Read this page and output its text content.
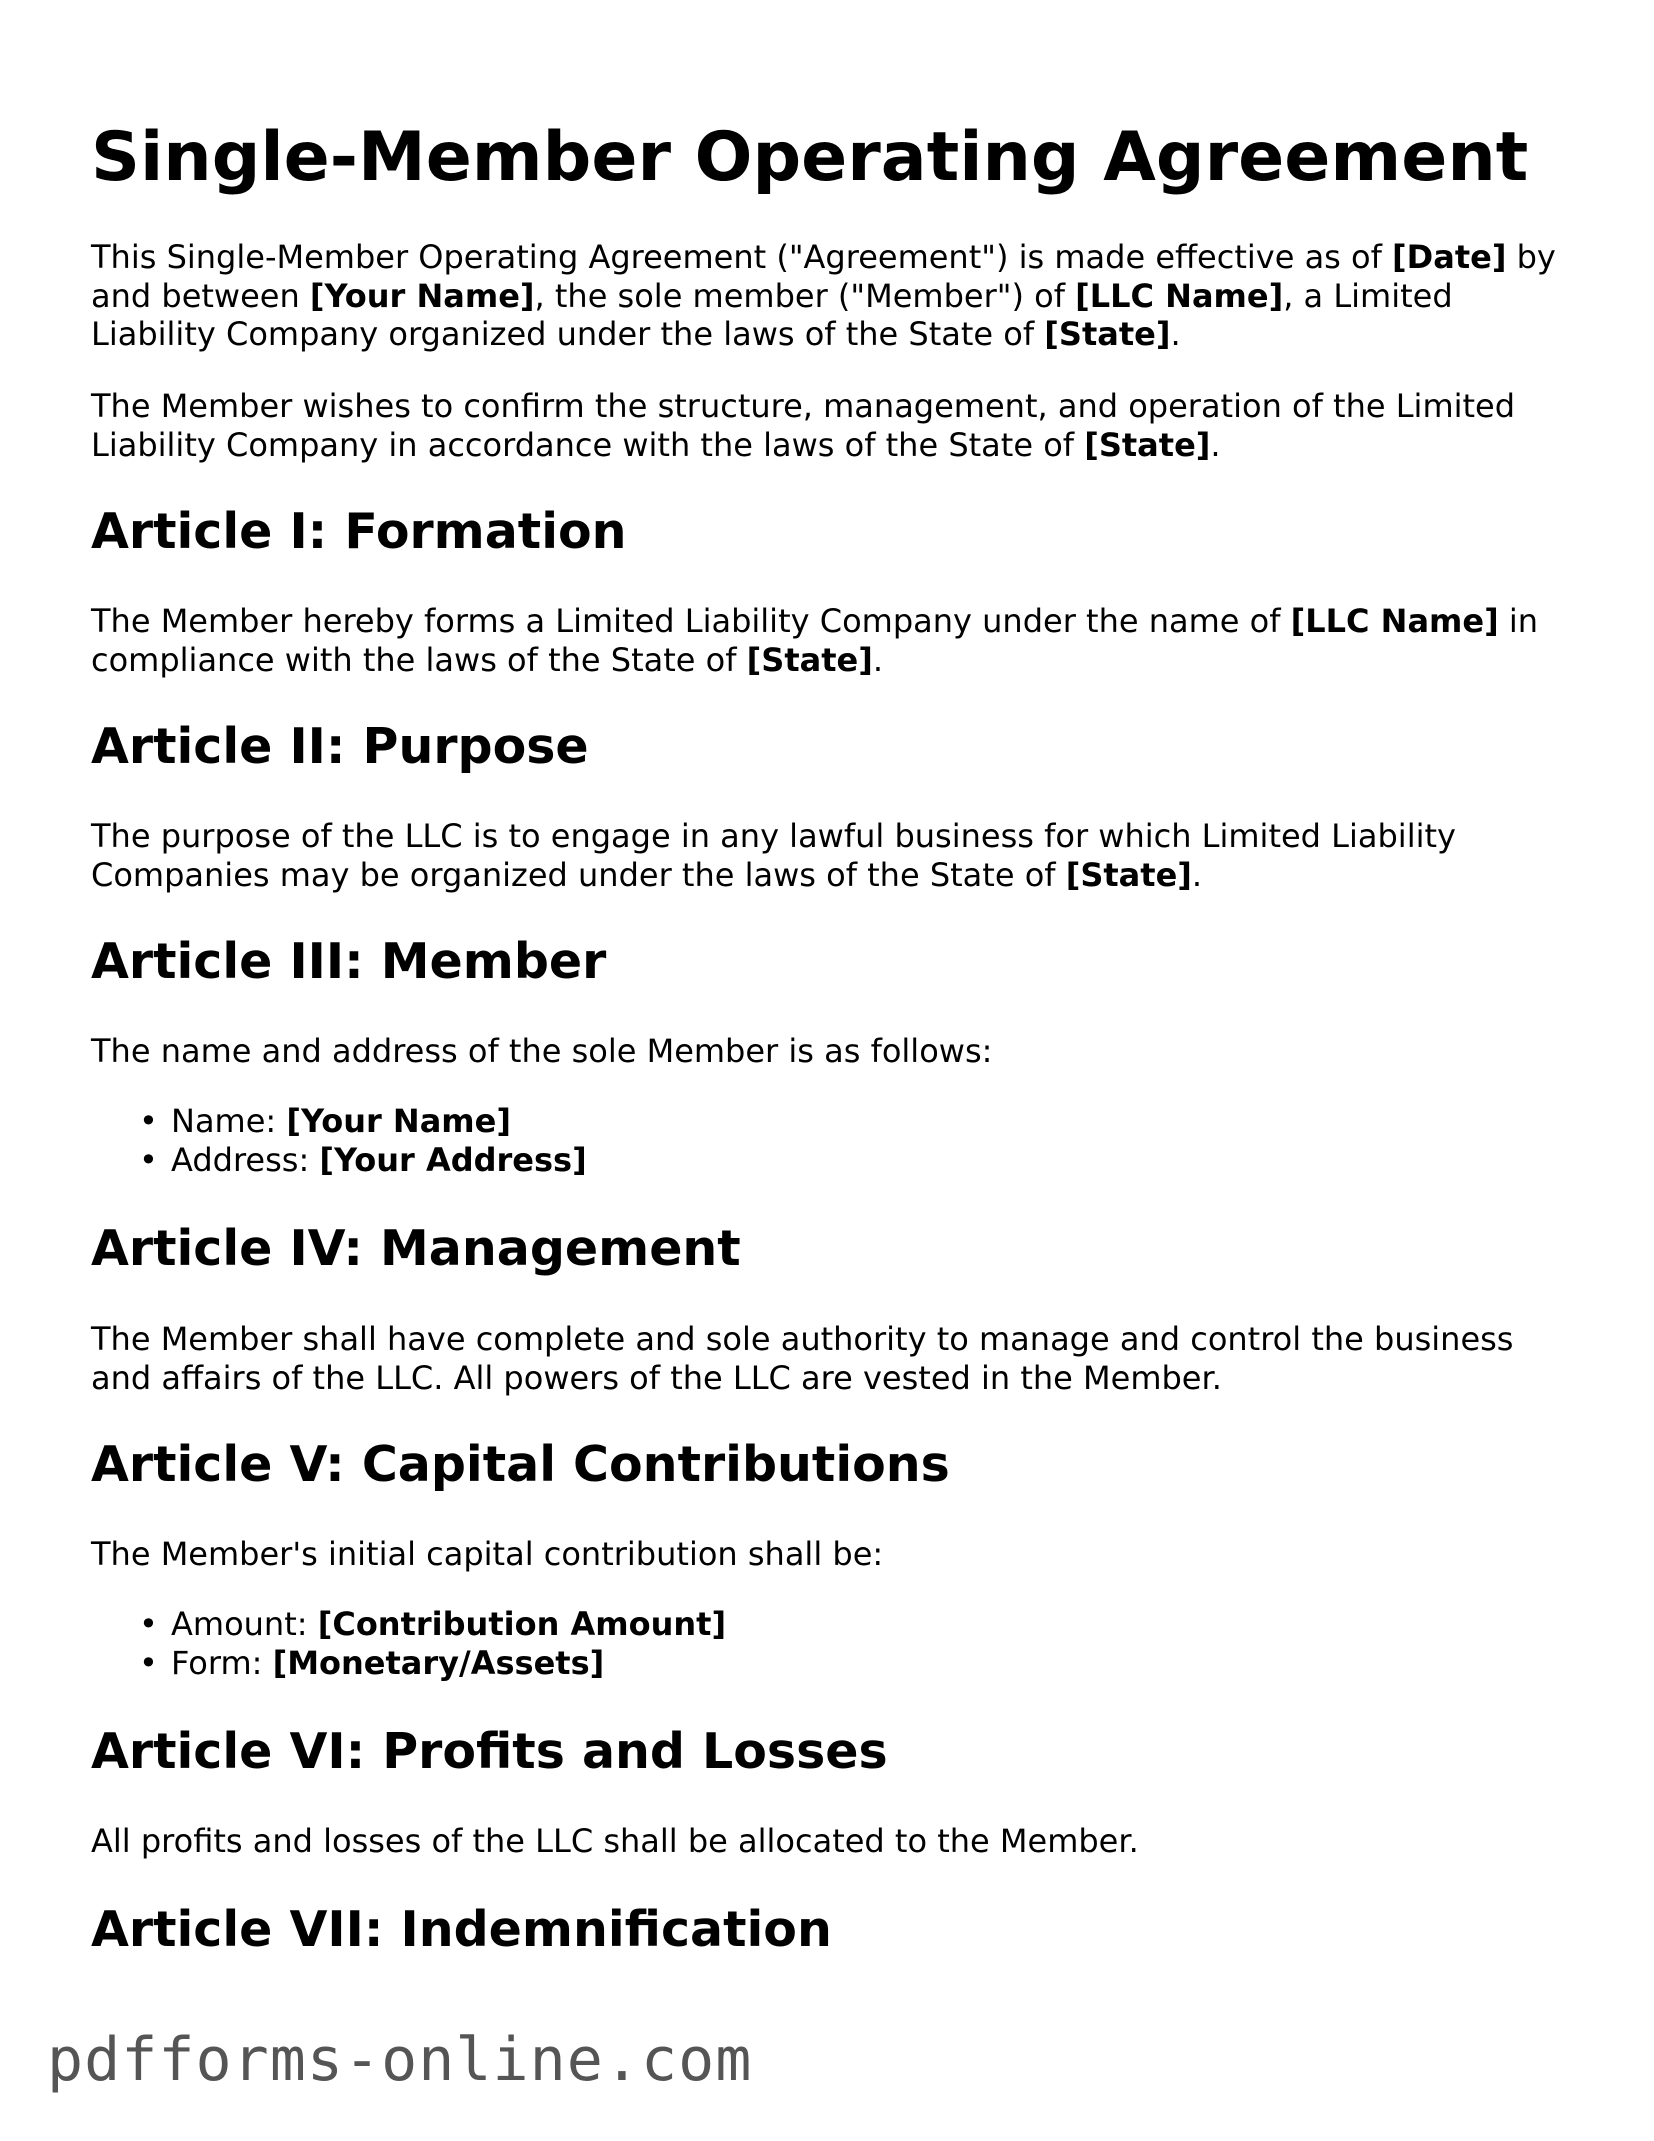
Single-Member Operating Agreement

This Single-Member Operating Agreement ("Agreement") is made effective as of [Date] by and between [Your Name], the sole member ("Member") of [LLC Name], a Limited Liability Company organized under the laws of the State of [State].

The Member wishes to confirm the structure, management, and operation of the Limited Liability Company in accordance with the laws of the State of [State].

Article I: Formation

The Member hereby forms a Limited Liability Company under the name of [LLC Name] in compliance with the laws of the State of [State].

Article II: Purpose

The purpose of the LLC is to engage in any lawful business for which Limited Liability Companies may be organized under the laws of the State of [State].

Article III: Member

The name and address of the sole Member is as follows:

• Name: [Your Name]
• Address: [Your Address]
Article IV: Management

The Member shall have complete and sole authority to manage and control the business and affairs of the LLC. All powers of the LLC are vested in the Member.

Article V: Capital Contributions

The Member's initial capital contribution shall be:

• Amount: [Contribution Amount]
• Form: [Monetary/Assets]
Article VI: Profits and Losses

All profits and losses of the LLC shall be allocated to the Member.

Article VII: Indemnification
pdfforms-online.com
